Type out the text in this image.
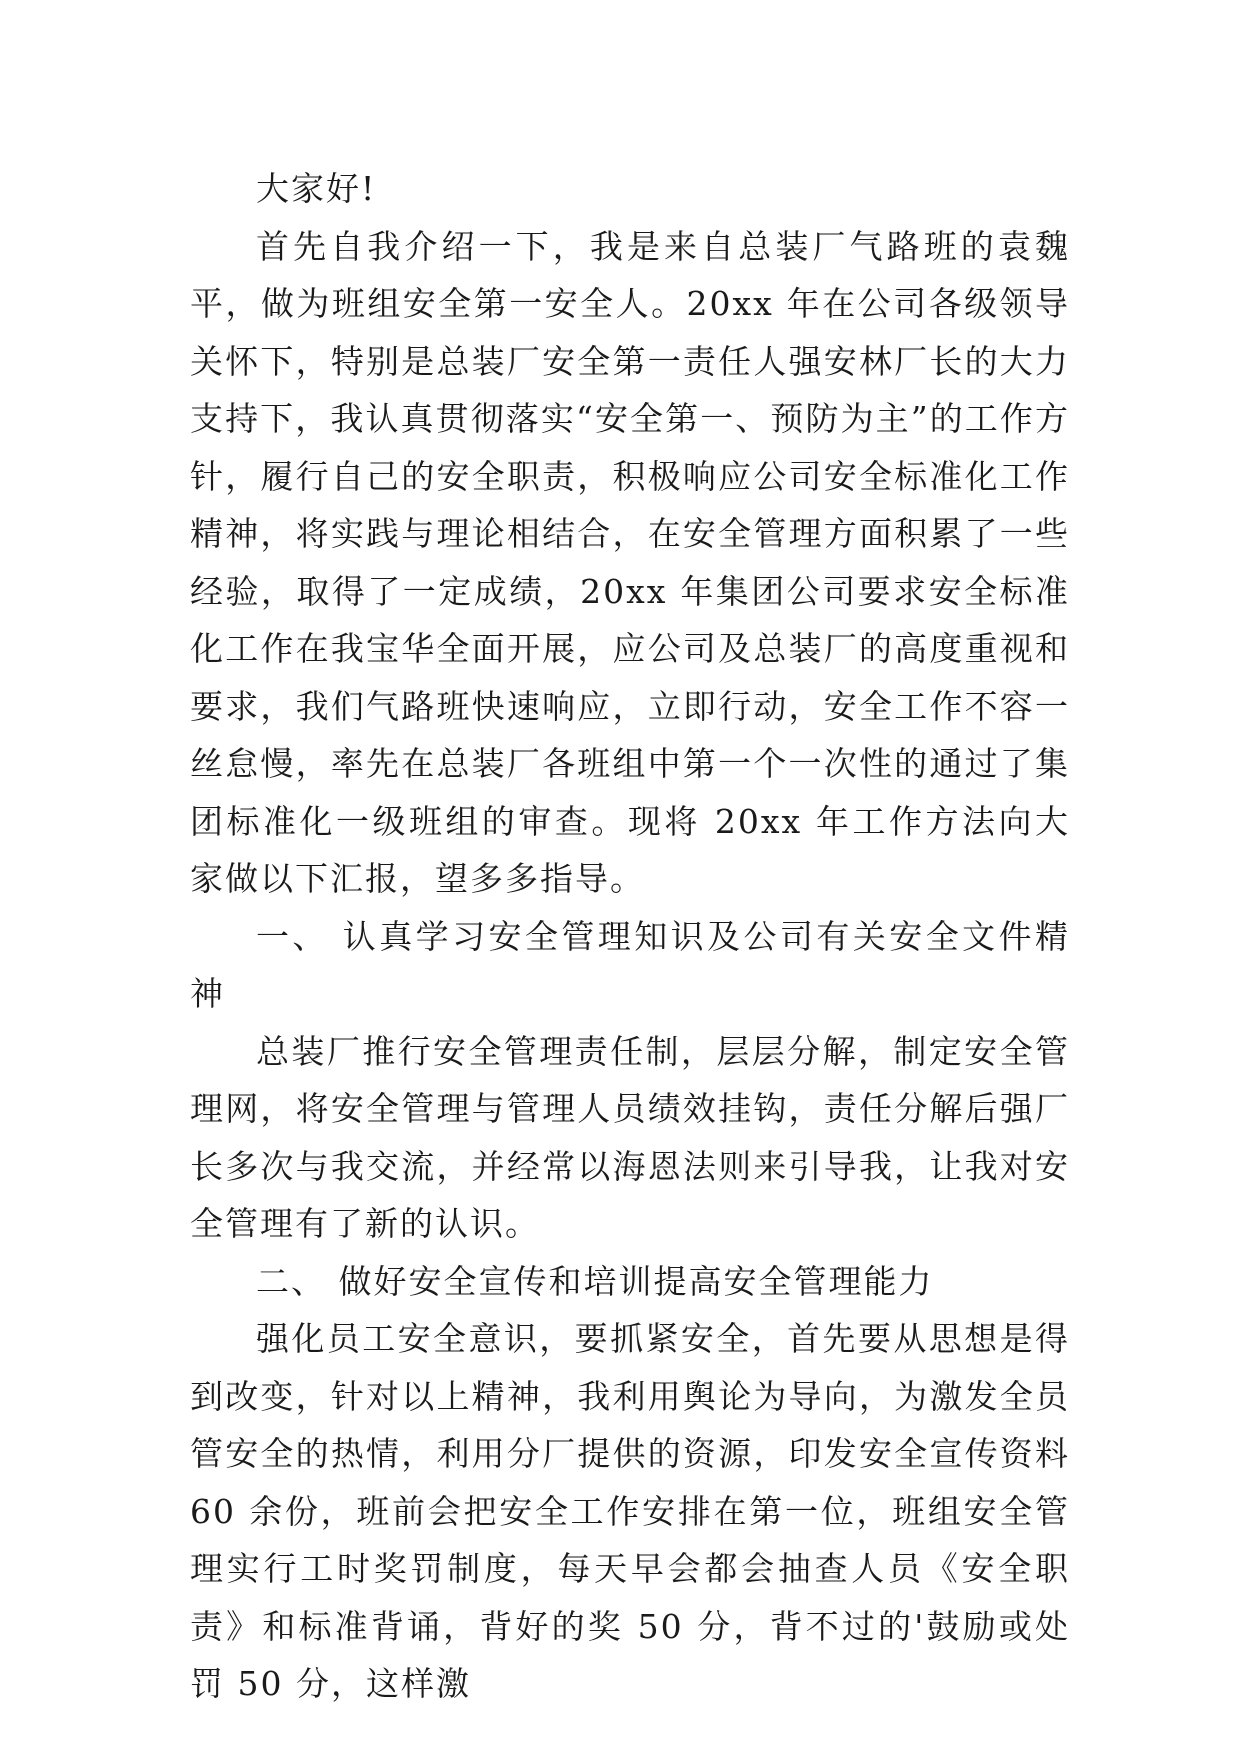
大家好!

首先自我介绍一下，我是来自总装厂气路班的袁魏平，做为班组安全第一安全人。20xx 年在公司各级领导关怀下，特别是总装厂安全第一责任人强安林厂长的大力支持下，我认真贯彻落实“安全第一、预防为主”的工作方针，履行自己的安全职责，积极响应公司安全标准化工作精神，将实践与理论相结合，在安全管理方面积累了一些经验，取得了一定成绩，20xx 年集团公司要求安全标准化工作在我宝华全面开展，应公司及总装厂的高度重视和要求，我们气路班快速响应，立即行动，安全工作不容一丝怠慢，率先在总装厂各班组中第一个一次性的通过了集团标准化一级班组的审查。现将 20xx 年工作方法向大家做以下汇报，望多多指导。

一、 认真学习安全管理知识及公司有关安全文件精神

总装厂推行安全管理责任制，层层分解，制定安全管理网，将安全管理与管理人员绩效挂钩，责任分解后强厂长多次与我交流，并经常以海恩法则来引导我，让我对安全管理有了新的认识。

二、 做好安全宣传和培训提高安全管理能力

强化员工安全意识，要抓紧安全，首先要从思想是得到改变，针对以上精神，我利用舆论为导向，为激发全员管安全的热情，利用分厂提供的资源，印发安全宣传资料 60 余份，班前会把安全工作安排在第一位，班组安全管理实行工时奖罚制度，每天早会都会抽查人员《安全职责》和标准背诵，背好的奖 50 分，背不过的'鼓励或处罚 50 分，这样激
